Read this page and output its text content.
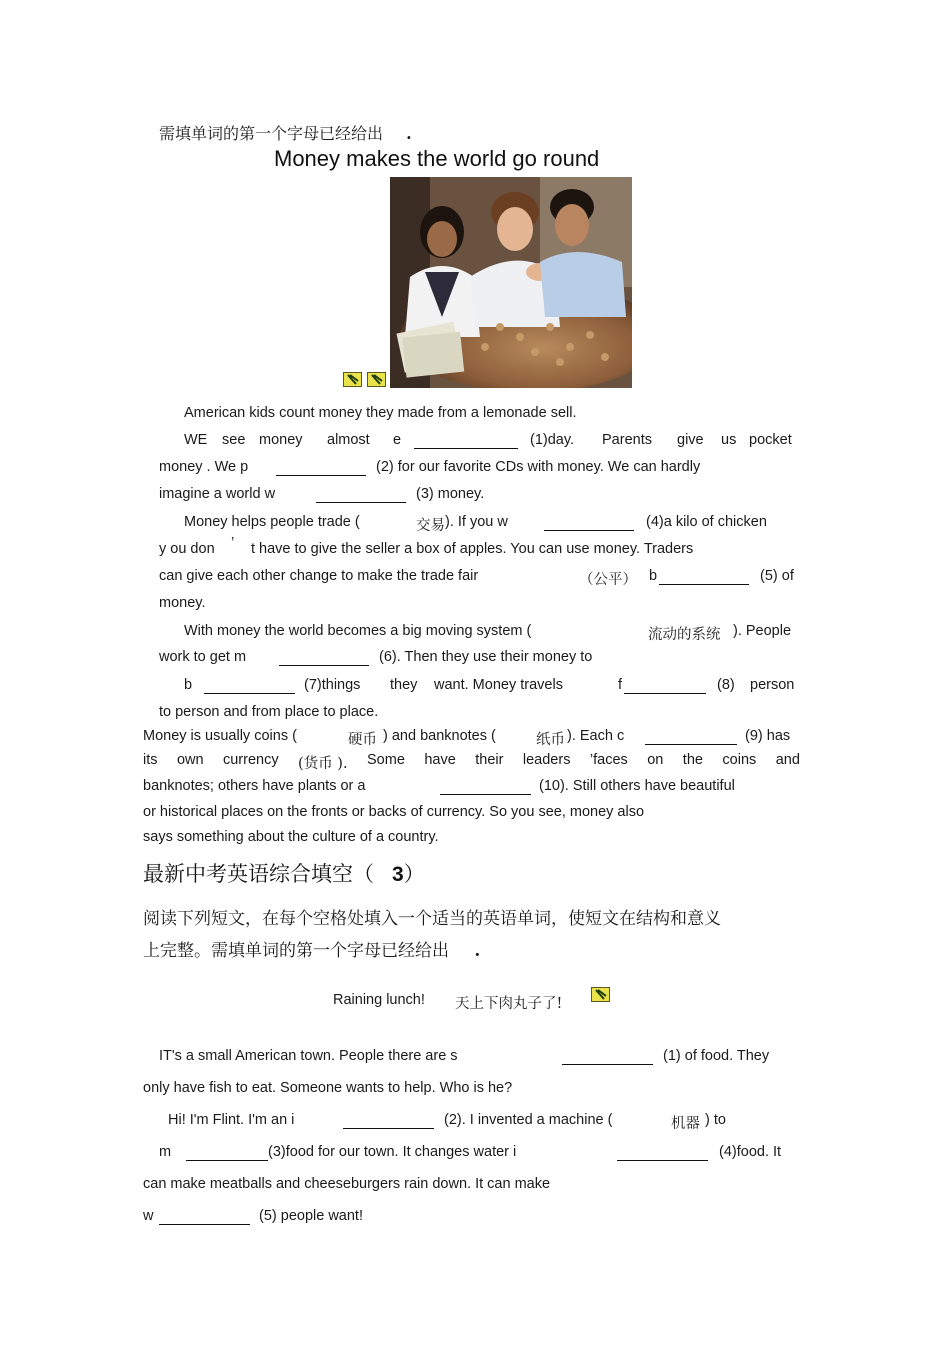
需填单词的第一个字母已经给出 .
Money makes the world go round
American kids count money they made from a lemonade sell.
WE see money almost e	(1)day. Parents give us pocket
money . We p	(2) for our favorite CDs with money. We can hardly
imagine a world w	(3) money.
Money helps people trade (	交易 ). If you w	(4)a kilo of chicken
y ou don ’ t have to give the seller a box of apples. You can use money. Traders
can give each other change to make the trade fair	（公平） b	(5) of
money.
With money the world becomes a big moving system (	流动的系统 ). People
work to get m	(6). Then they use their money to
b	(7)things they want. Money travels	f	(8) person
to person and from place to place.
Money is usually coins (	硬币 ) and banknotes (	纸币 ). Each c	(9) has
its own currency (货币 ). Some have their leaders ’faces on the coins and
banknotes; others have plants or a	(10). Still others have beautiful
or historical places on the fronts or backs of currency. So you see, money also
says something about the culture of a country.
最新中考英语综合填空（ 3）
阅读下列短文，在每个空格处填入一个适当的英语单词，使短文在结构和意义
上完整。需填单词的第一个字母已经给出 .
Raining lunch! 天上下肉丸子了!
IT's a small American town. People there are s	(1) of food. They
only have fish to eat. Someone wants to help. Who is he?
Hi! I'm Flint. I'm an i	(2). I invented a machine (	机器 ) to
m	(3)food for our town. It changes water i	(4)food. It
can make meatballs and cheeseburgers rain down. It can make
w	(5) people want!
